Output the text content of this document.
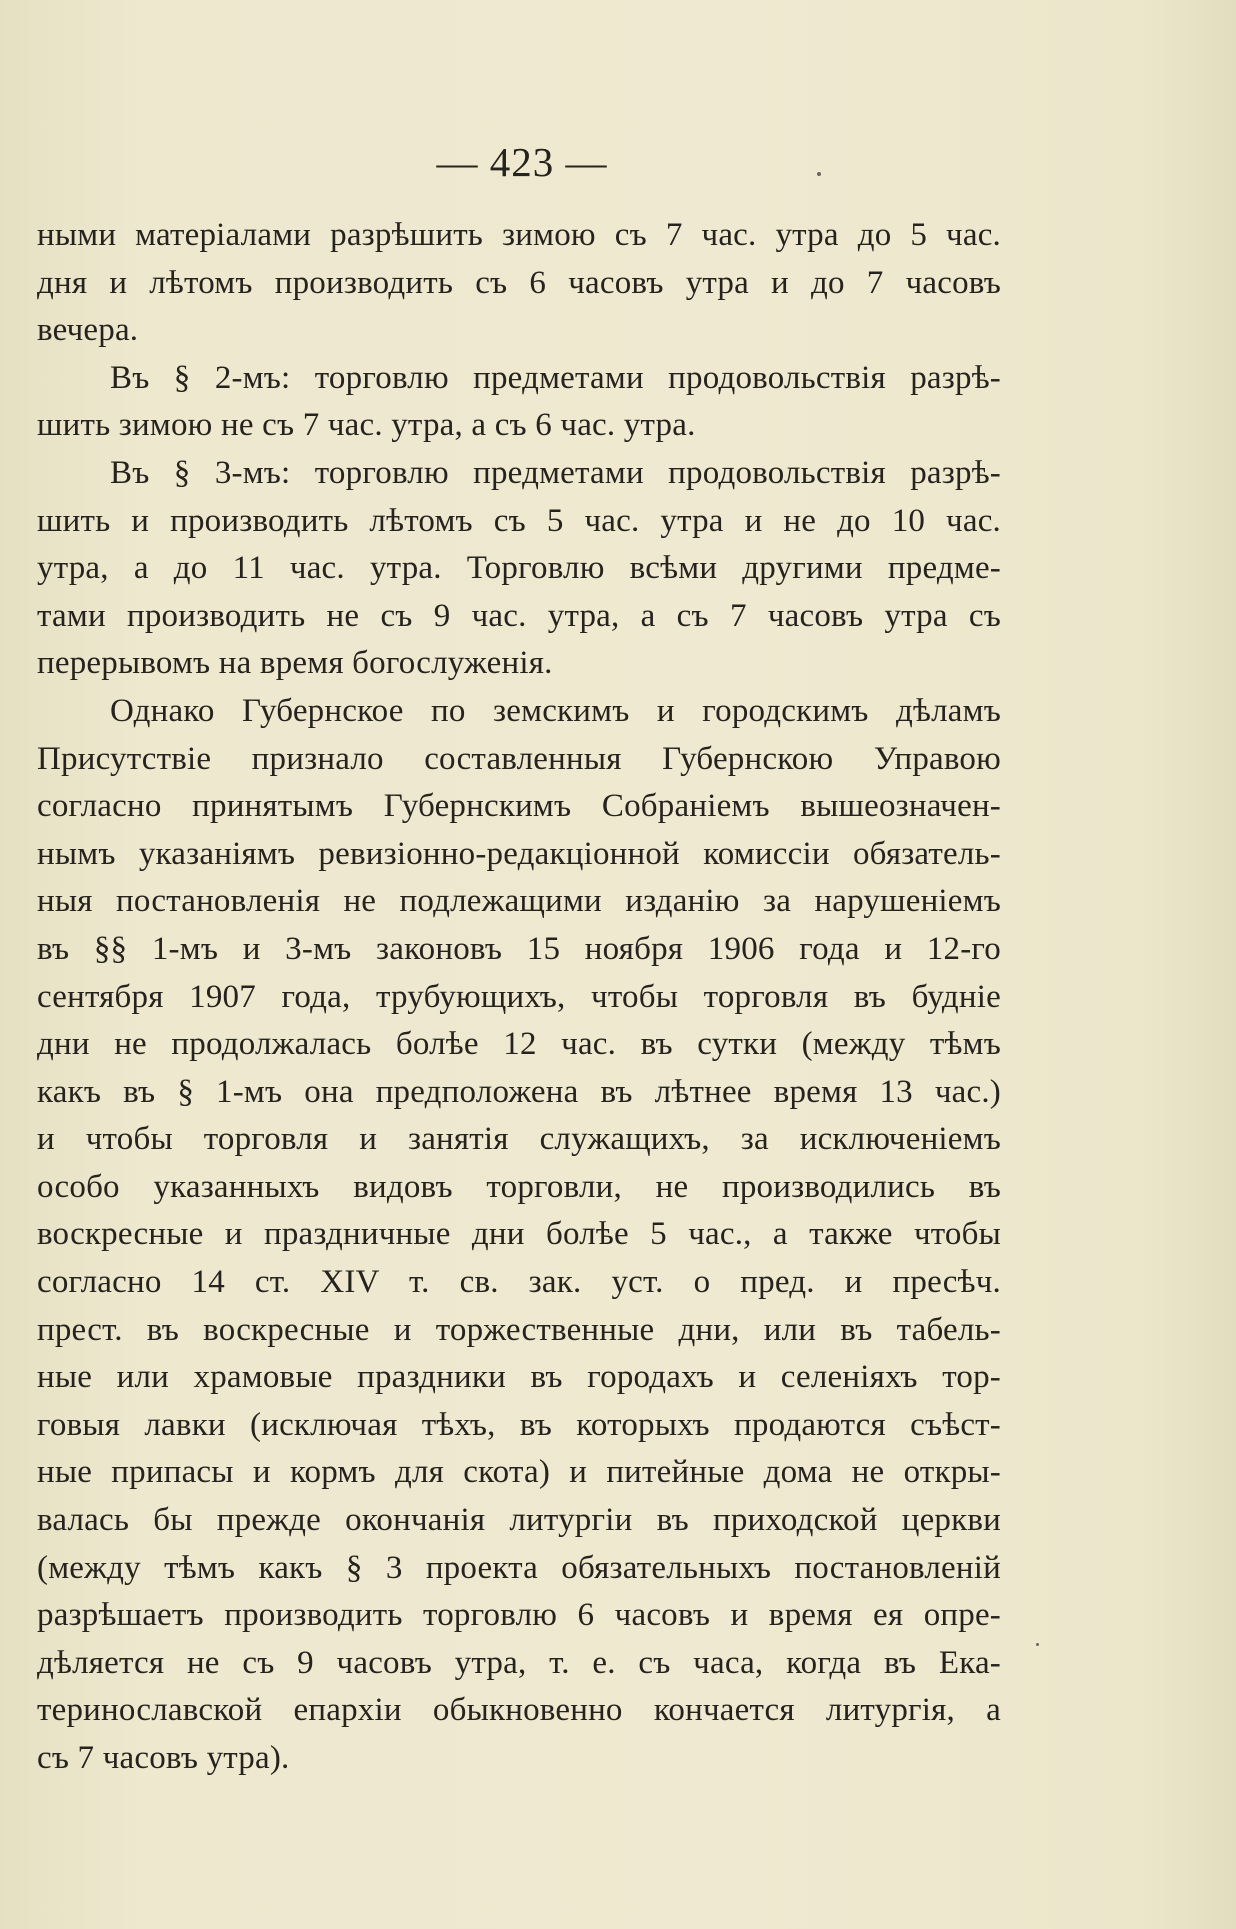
— 423 —
ными матеріалами разрѣшить зимою съ 7 час. утра до 5 час.
дня и лѣтомъ производить съ 6 часовъ утра и до 7 часовъ
вечера.
Въ § 2-мъ: торговлю предметами продовольствія разрѣ-
шить зимою не съ 7 час. утра, а съ 6 час. утра.
Въ § 3-мъ: торговлю предметами продовольствія разрѣ-
шить и производить лѣтомъ съ 5 час. утра и не до 10 час.
утра, а до 11 час. утра. Торговлю всѣми другими предме-
тами производить не съ 9 час. утра, а съ 7 часовъ утра съ
перерывомъ на время богослуженія.
Однако Губернское по земскимъ и городскимъ дѣламъ
Присутствіе признало составленныя Губернскою Управою
согласно принятымъ Губернскимъ Собраніемъ вышеозначен-
нымъ указаніямъ ревизіонно-редакціонной комиссіи обязатель-
ныя постановленія не подлежащими изданію за нарушеніемъ
въ §§ 1-мъ и 3-мъ законовъ 15 ноября 1906 года и 12-го
сентября 1907 года, трубующихъ, чтобы торговля въ будніе
дни не продолжалась болѣе 12 час. въ сутки (между тѣмъ
какъ въ § 1-мъ она предположена въ лѣтнее время 13 час.)
и чтобы торговля и занятія служащихъ, за исключеніемъ
особо указанныхъ видовъ торговли, не производились въ
воскресные и праздничные дни болѣе 5 час., а также чтобы
согласно 14 ст. XIV т. св. зак. уст. о пред. и пресѣч.
прест. въ воскресные и торжественные дни, или въ табель-
ные или храмовые праздники въ городахъ и селеніяхъ тор-
говыя лавки (исключая тѣхъ, въ которыхъ продаются съѣст-
ные припасы и кормъ для скота) и питейные дома не откры-
валась бы прежде окончанія литургіи въ приходской церкви
(между тѣмъ какъ § 3 проекта обязательныхъ постановленій
разрѣшаетъ производить торговлю 6 часовъ и время ея опре-
дѣляется не съ 9 часовъ утра, т. е. съ часа, когда въ Ека-
теринославской епархіи обыкновенно кончается литургія, а
съ 7 часовъ утра).
